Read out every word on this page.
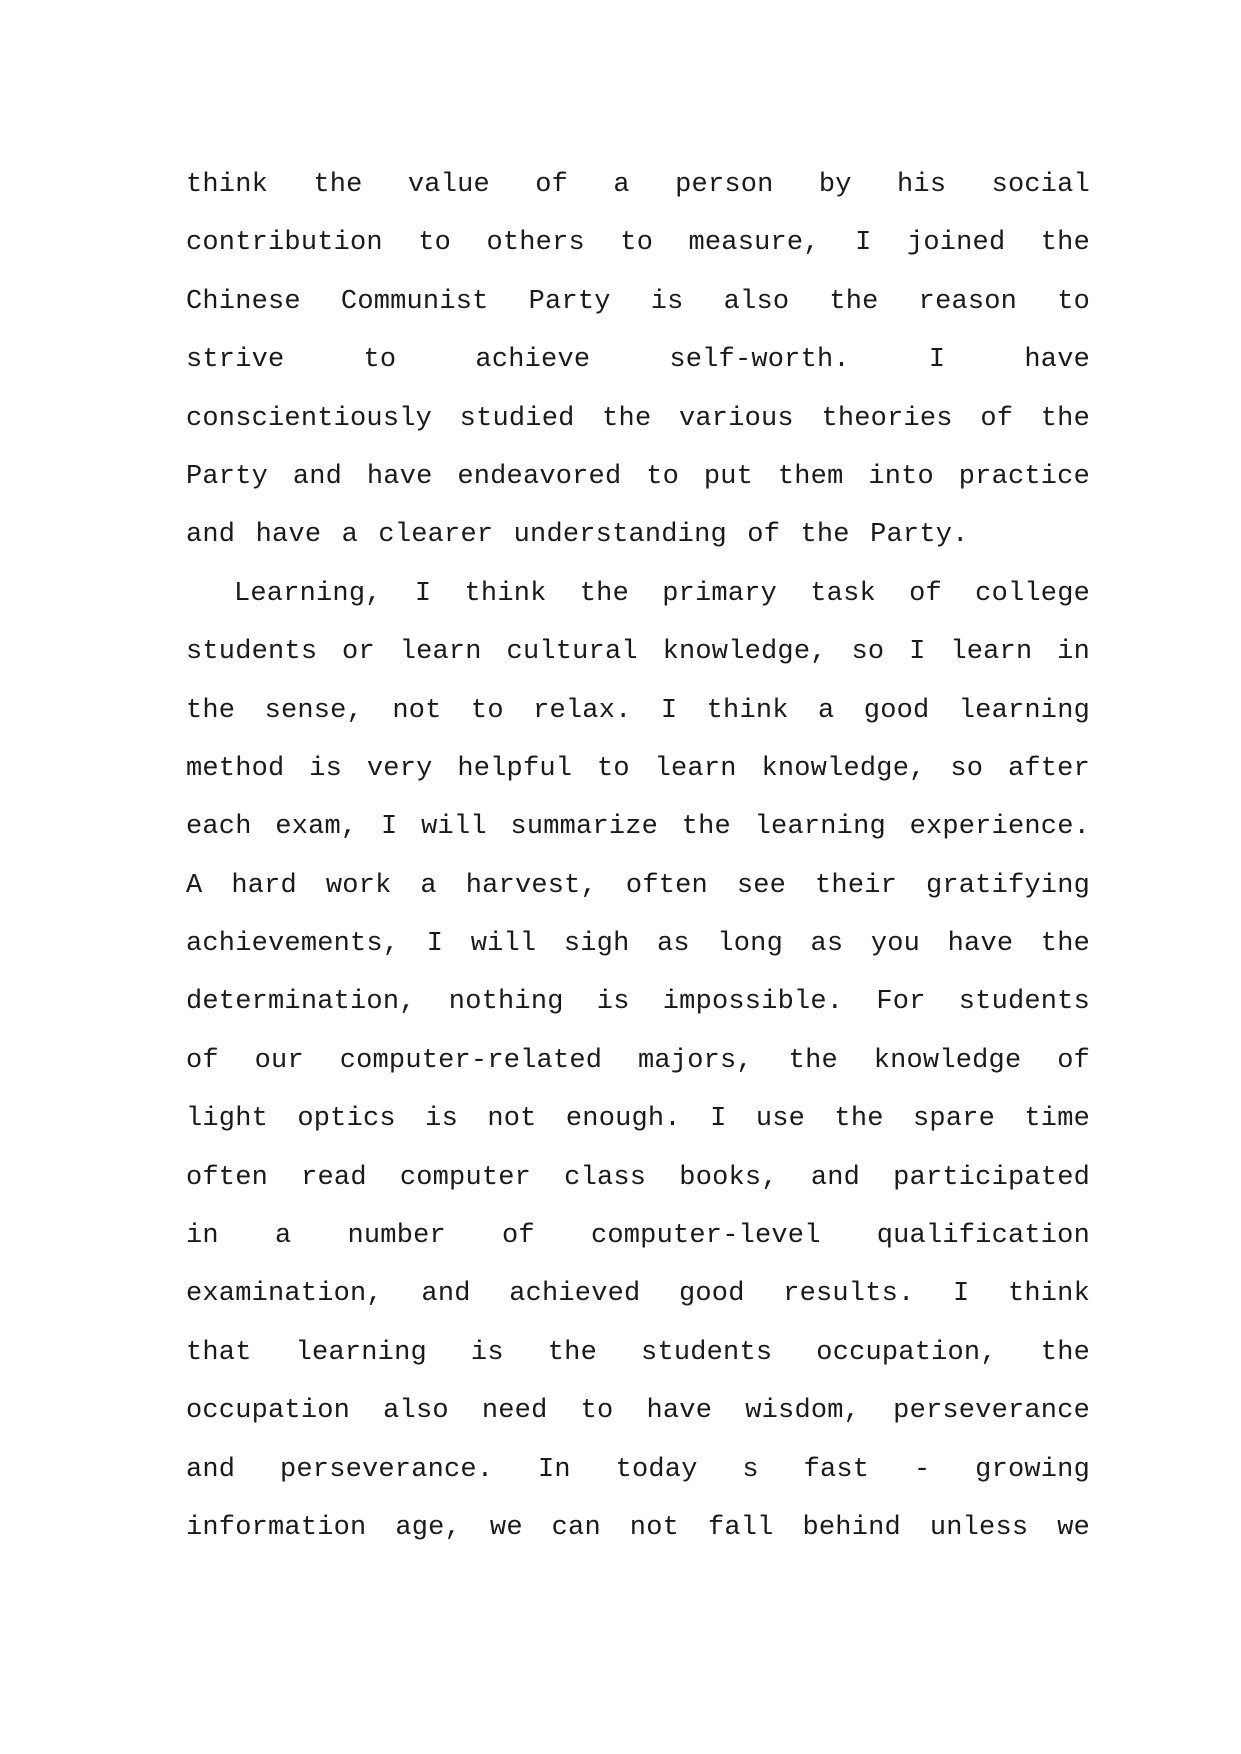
think the value of a person by his social
contribution to others to measure, I joined the
Chinese Communist Party is also the reason to
strive to achieve self-worth. I have
conscientiously studied the various theories of the
Party and have endeavored to put them into practice
and have a clearer understanding of the Party.
Learning, I think the primary task of college
students or learn cultural knowledge, so I learn in
the sense, not to relax. I think a good learning
method is very helpful to learn knowledge, so after
each exam, I will summarize the learning experience.
A hard work a harvest, often see their gratifying
achievements, I will sigh as long as you have the
determination, nothing is impossible. For students
of our computer-related majors, the knowledge of
light optics is not enough. I use the spare time
often read computer class books, and participated
in a number of computer-level qualification
examination, and achieved good results. I think
that learning is the students occupation, the
occupation also need to have wisdom, perseverance
and perseverance. In today s fast - growing
information age, we can not fall behind unless we
